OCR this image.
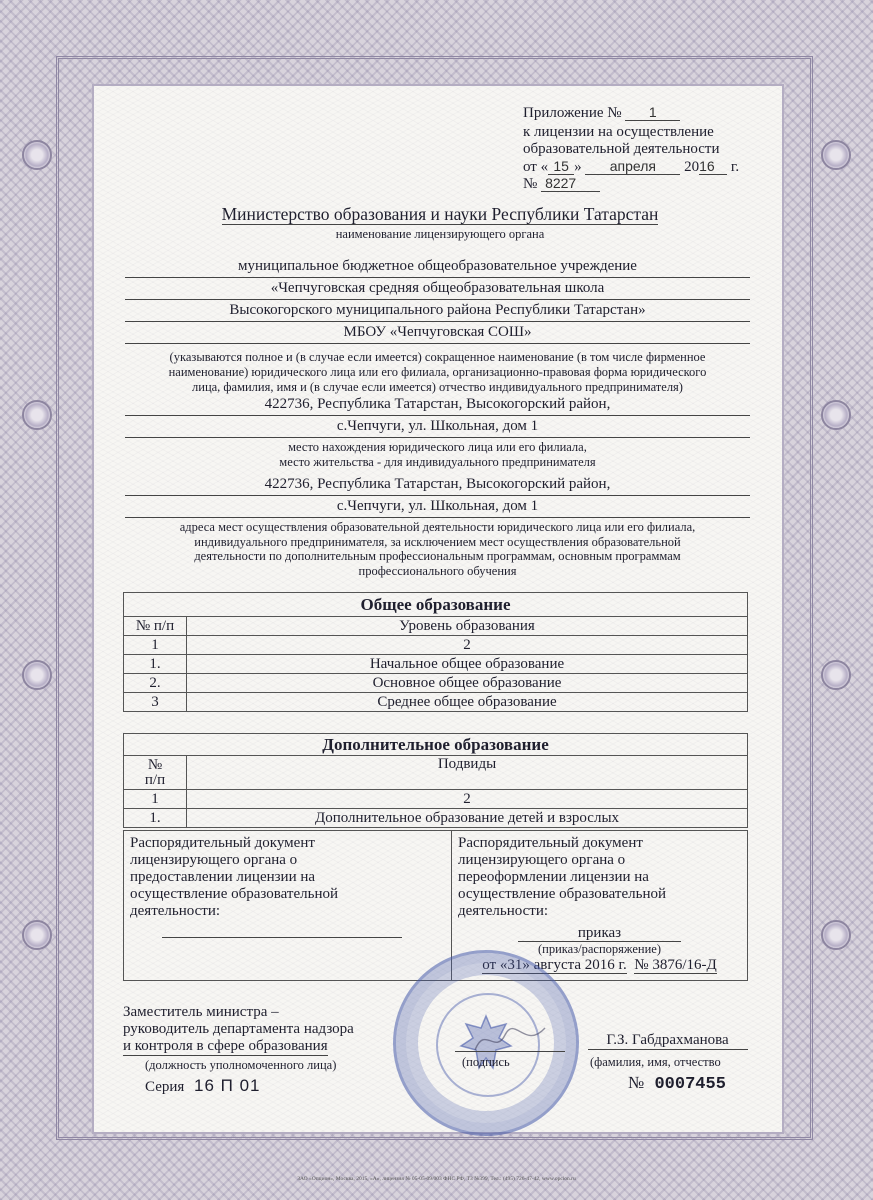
Приложение № 1
к лицензии на осуществление
образовательной деятельности
от « 15 » апреля 2016 г.
№ 8227
Министерство образования и науки Республики Татарстан
наименование лицензирующего органа
муниципальное бюджетное общеобразовательное учреждение
«Чепчуговская средняя общеобразовательная школа
Высокогорского муниципального района Республики Татарстан»
МБОУ «Чепчуговская СОШ»
(указываются полное и (в случае если имеется) сокращенное наименование (в том числе фирменное
наименование) юридического лица или его филиала, организационно-правовая форма юридического
лица, фамилия, имя и (в случае если имеется) отчество индивидуального предпринимателя)
422736, Республика Татарстан, Высокогорский район,
с.Чепчуги, ул. Школьная, дом 1
место нахождения юридического лица или его филиала,
место жительства - для индивидуального предпринимателя
422736, Республика Татарстан, Высокогорский район,
с.Чепчуги, ул. Школьная, дом 1
адреса мест осуществления образовательной деятельности юридического лица или его филиала,
индивидуального предпринимателя, за исключением мест осуществления образовательной
деятельности по дополнительным профессиональным программам, основным программам
профессионального обучения
Общее образование	
№ п/п	Уровень образования
1	2
1.	Начальное общее образование
2.	Основное общее образование
3	Среднее общее образование
Дополнительное образование	

№
п/п	Подвиды
1	2
1.	Дополнительное образование детей и взрослых
Распорядительный документ
лицензирующего органа о
предоставлении лицензии на
осуществление образовательной
деятельности:

Распорядительный документ
лицензирующего органа о
переоформлении лицензии на
осуществление образовательной
деятельности:
приказ
(приказ/распоряжение)
от «31» августа 2016 г. № 3876/16-Д
Заместитель министра –
руководитель департамента надзора
и контроля в сфере образования
(должность уполномоченного лица)	(подпись
Г.З. Габдрахманова
(фамилия, имя, отчество
Серия 16 П 01	№ 0007455
ЗАО «Опцион», Москва, 2015, «А», лицензия № 05-05-09/003 ФНС РФ, ТЗ №399, Тел.: (495) 726-47-42, www.opcion.ru
